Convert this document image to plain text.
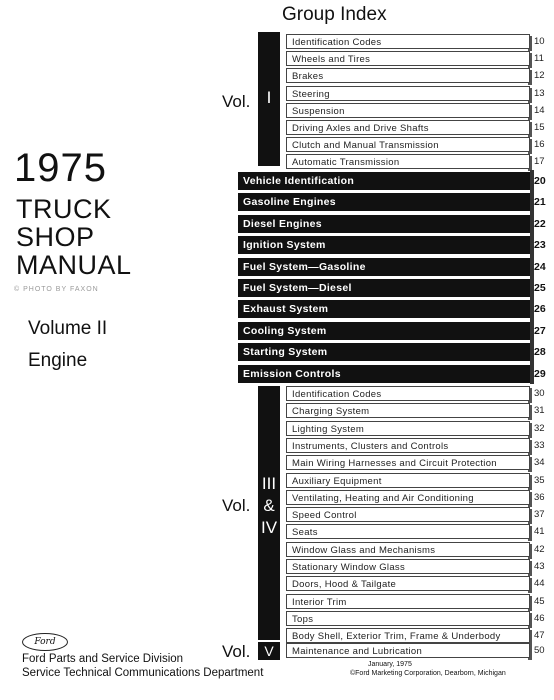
1975
TRUCK
SHOP
MANUAL
© PHOTO BY FAXON
Volume II
Engine
Group Index
Vol. I
Identification Codes	10
Wheels and Tires	11
Brakes	12
Steering	13
Suspension	14
Driving Axles and Drive Shafts	15
Clutch and Manual Transmission	16
Automatic Transmission	17
Vehicle Identification	20
Gasoline Engines	21
Diesel Engines	22
Ignition System	23
Fuel System—Gasoline	24
Fuel System—Diesel	25
Exhaust System	26
Cooling System	27
Starting System	28
Emission Controls	29
Vol.
III
&
IV
Identification Codes	30
Charging System	31
Lighting System	32
Instruments, Clusters and Controls	33
Main Wiring Harnesses and Circuit Protection	34
Auxiliary Equipment	35
Ventilating, Heating and Air Conditioning	36
Speed Control	37
Seats	41
Window Glass and Mechanisms	42
Stationary Window Glass	43
Doors, Hood & Tailgate	44
Interior Trim	45
Tops	46
Body Shell, Exterior Trim, Frame & Underbody	47
Vol. V	Maintenance and Lubrication	50
Ford
Ford Parts and Service Division
Service Technical Communications Department
January, 1975
©Ford Marketing Corporation, Dearborn, Michigan
